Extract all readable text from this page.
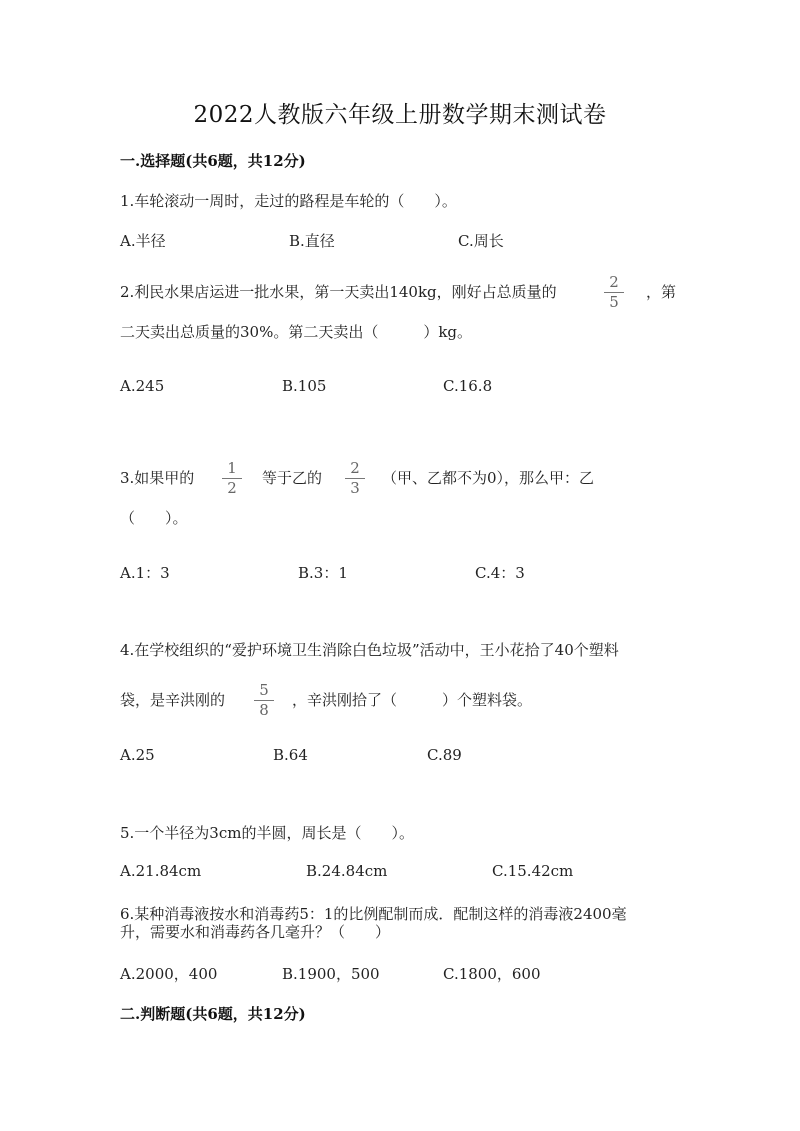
2022人教版六年级上册数学期末测试卷
一.选择题(共6题，共12分)
1.车轮滚动一周时，走过的路程是车轮的（　　）。
A.半径	B.直径	C.周长
2.利民水果店运进一批水果，第一天卖出140kg，刚好占总质量的	$\frac{2}{5}$ ，第
二天卖出总质量的30%。第二天卖出（　　　）kg。
A.245	B.105	C.16.8
3.如果甲的 $\frac{1}{2}$ 等于乙的 $\frac{2}{3}$ （甲、乙都不为0），那么甲：乙
（　　）。
A.1：3	B.3：1	C.4：3
4.在学校组织的“爱护环境卫生消除白色垃圾”活动中，王小花拾了40个塑料
袋，是辛洪刚的 $\frac{5}{8}$ ，辛洪刚拾了（　　　）个塑料袋。
A.25	B.64	C.89
5.一个半径为3cm的半圆，周长是（　　）。
A.21.84cm	B.24.84cm	C.15.42cm
6.某种消毒液按水和消毒药5：1的比例配制而成．配制这样的消毒液2400毫
升，需要水和消毒药各几毫升？（　　）
A.2000，400	B.1900，500	C.1800，600
二.判断题(共6题，共12分)
